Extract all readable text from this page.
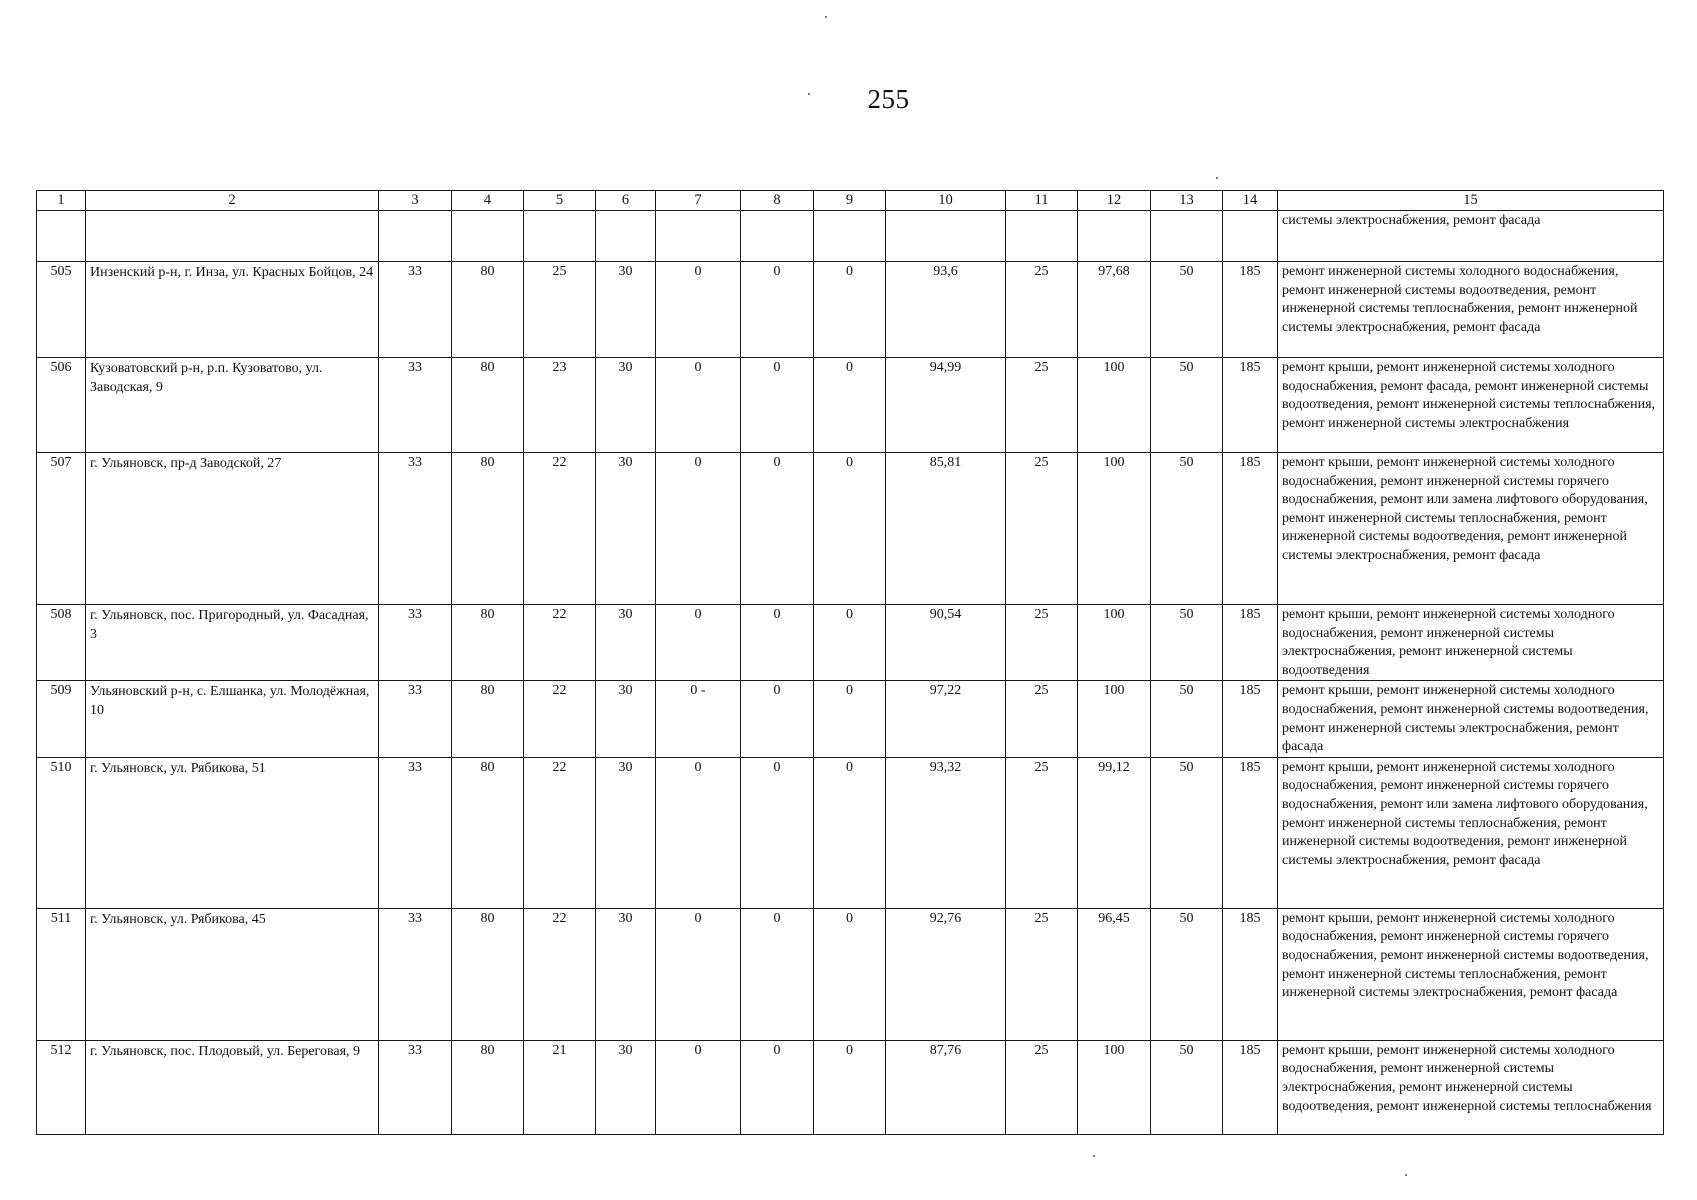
255
1	2	3	4	5	6	7	8	9	10	11	12	13	14	15
														системы электроснабжения, ремонт фасада
505	Инзенский р-н, г. Инза, ул. Красных Бойцов, 24	33	80	25	30	0	0	0	93,6	25	97,68	50	185	ремонт инженерной системы холодного водоснабжения, ремонт инженерной системы водоотведения, ремонт инженерной системы теплоснабжения, ремонт инженерной системы электроснабжения, ремонт фасада
506	Кузоватовский р-н, р.п. Кузоватово, ул. Заводская, 9	33	80	23	30	0	0	0	94,99	25	100	50	185	ремонт крыши, ремонт инженерной системы холодного водоснабжения, ремонт фасада, ремонт инженерной системы водоотведения, ремонт инженерной системы теплоснабжения, ремонт инженерной системы электроснабжения
507	г. Ульяновск, пр-д Заводской, 27	33	80	22	30	0	0	0	85,81	25	100	50	185	ремонт крыши, ремонт инженерной системы холодного водоснабжения, ремонт инженерной системы горячего водоснабжения, ремонт или замена лифтового оборудования, ремонт инженерной системы теплоснабжения, ремонт инженерной системы водоотведения, ремонт инженерной системы электроснабжения, ремонт фасада
508	г. Ульяновск, пос. Пригородный, ул. Фасадная, 3	33	80	22	30	0	0	0	90,54	25	100	50	185	ремонт крыши, ремонт инженерной системы холодного водоснабжения, ремонт инженерной системы электроснабжения, ремонт инженерной системы водоотведения
509	Ульяновский р-н, с. Елшанка, ул. Молодёжная, 10	33	80	22	30	0 -	0	0	97,22	25	100	50	185	ремонт крыши, ремонт инженерной системы холодного водоснабжения, ремонт инженерной системы водоотведения, ремонт инженерной системы электроснабжения, ремонт фасада
510	г. Ульяновск, ул. Рябикова, 51	33	80	22	30	0	0	0	93,32	25	99,12	50	185	ремонт крыши, ремонт инженерной системы холодного водоснабжения, ремонт инженерной системы горячего водоснабжения, ремонт или замена лифтового оборудования, ремонт инженерной системы теплоснабжения, ремонт инженерной системы водоотведения, ремонт инженерной системы электроснабжения, ремонт фасада
511	г. Ульяновск, ул. Рябикова, 45	33	80	22	30	0	0	0	92,76	25	96,45	50	185	ремонт крыши, ремонт инженерной системы холодного водоснабжения, ремонт инженерной системы горячего водоснабжения, ремонт инженерной системы водоотведения, ремонт инженерной системы теплоснабжения, ремонт инженерной системы электроснабжения, ремонт фасада
512	г. Ульяновск, пос. Плодовый, ул. Береговая, 9	33	80	21	30	0	0	0	87,76	25	100	50	185	ремонт крыши, ремонт инженерной системы холодного водоснабжения, ремонт инженерной системы электроснабжения, ремонт инженерной системы водоотведения, ремонт инженерной системы теплоснабжения
